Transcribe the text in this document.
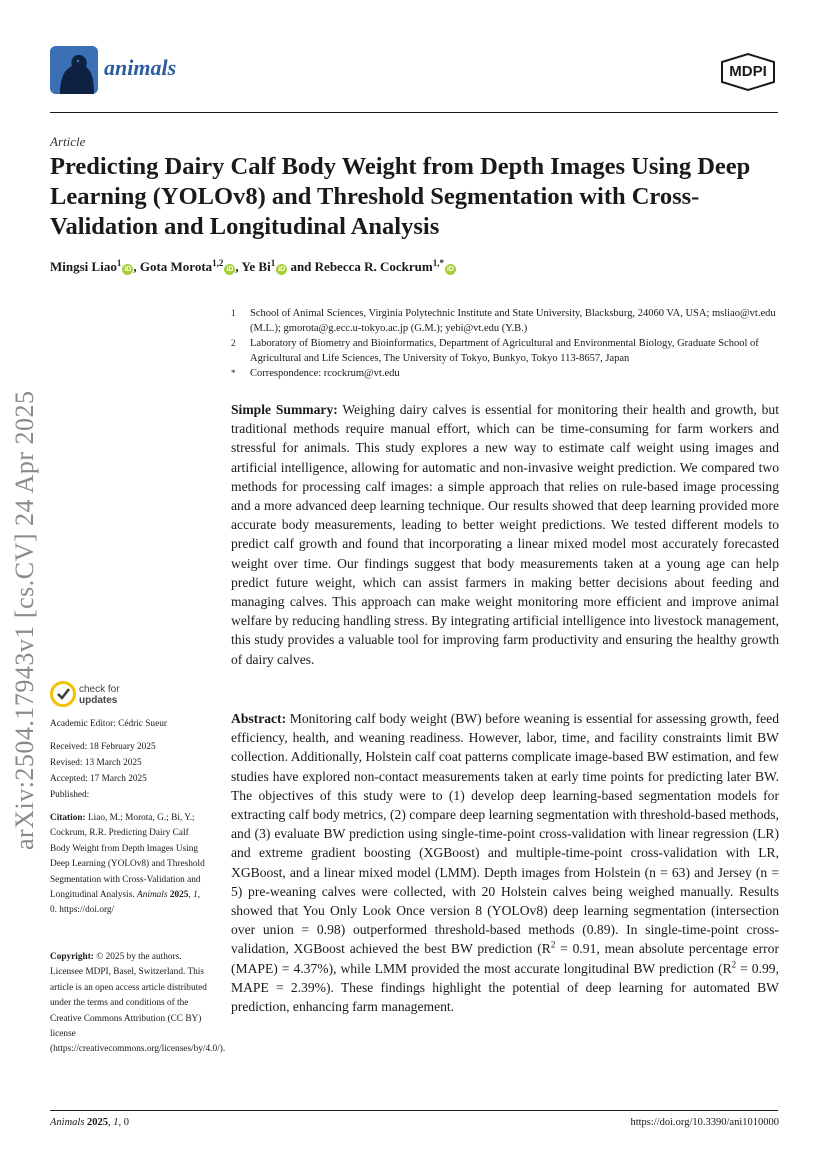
animals	MDPI
Article
Predicting Dairy Calf Body Weight from Depth Images Using Deep Learning (YOLOv8) and Threshold Segmentation with Cross-Validation and Longitudinal Analysis
Mingsi Liao$^1$iD , Gota Morota$^{1,2}$iD , Ye Bi$^1$iD and Rebecca R. Cockrum$^{1,*}$iD
1 School of Animal Sciences, Virginia Polytechnic Institute and State University, Blacksburg, 24060 VA, USA; msliao@vt.edu (M.L.); gmorota@g.ecc.u-tokyo.ac.jp (G.M.); yebi@vt.edu (Y.B.)
2 Laboratory of Biometry and Bioinformatics, Department of Agricultural and Environmental Biology, Graduate School of Agricultural and Life Sciences, The University of Tokyo, Bunkyo, Tokyo 113-8657, Japan
* Correspondence: rcockrum@vt.edu

Simple Summary: Weighing dairy calves is essential for monitoring their health and growth, but traditional methods require manual effort, which can be time-consuming for farm workers and stressful for animals. This study explores a new way to estimate calf weight using images and artificial intelligence, allowing for automatic and non-invasive weight prediction. We compared two methods for processing calf images: a simple approach that relies on rule-based image processing and a more advanced deep learning technique. Our results showed that deep learning provided more accurate body measurements, leading to better weight predictions. We tested different models to predict calf growth and found that incorporating a linear mixed model most accurately forecasted weight over time. Our findings suggest that body measurements taken at a young age can help predict future weight, which can assist farmers in making better decisions about feeding and managing calves. This approach can make weight monitoring more efficient and improve animal welfare by reducing handling stress. By integrating artificial intelligence into livestock management, this study provides a valuable tool for improving farm productivity and ensuring the healthy growth of dairy calves.

Abstract: Monitoring calf body weight (BW) before weaning is essential for assessing growth, feed efficiency, health, and weaning readiness. However, labor, time, and facility constraints limit BW collection. Additionally, Holstein calf coat patterns complicate image-based BW estimation, and few studies have explored non-contact measurements taken at early time points for predicting later BW. The objectives of this study were to (1) develop deep learning-based segmentation models for extracting calf body metrics, (2) compare deep learning segmentation with threshold-based methods, and (3) evaluate BW prediction using single-time-point cross-validation with linear regression (LR) and extreme gradient boosting (XGBoost) and multiple-time-point cross-validation with LR, XGBoost, and a linear mixed model (LMM). Depth images from Holstein (n = 63) and Jersey (n = 5) pre-weaning calves were collected, with 20 Holstein calves being weighed manually. Results showed that You Only Look Once version 8 (YOLOv8) deep learning segmentation (intersection over union = 0.98) outperformed threshold-based methods (0.89). In single-time-point cross-validation, XGBoost achieved the best BW prediction ($R^2 = 0.91$, mean absolute percentage error (MAPE) = 4.37%), while LMM provided the most accurate longitudinal BW prediction ($R^2 = 0.99$, MAPE = 2.39%). These findings highlight the potential of deep learning for automated BW prediction, enhancing farm management.

arXiv:2504.17943v1 [cs.CV] 24 Apr 2025	check for
updates
Academic Editor: Cédric Sueur
Received: 18 February 2025
Revised: 13 March 2025
Accepted: 17 March 2025
Published:
Citation: Liao, M.; Morota, G.; Bi, Y.; Cockrum, R.R. Predicting Dairy Calf Body Weight from Depth Images Using Deep Learning (YOLOv8) and Threshold Segmentation with Cross-Validation and Longitudinal Analysis. Animals 2025, 1, 0. https://doi.org/
Copyright: © 2025 by the authors. Licensee MDPI, Basel, Switzerland. This article is an open access article distributed under the terms and conditions of the Creative Commons Attribution (CC BY) license (https://creativecommons.org/licenses/by/4.0/).
Animals 2025, 1, 0	https://doi.org/10.3390/ani1010000
